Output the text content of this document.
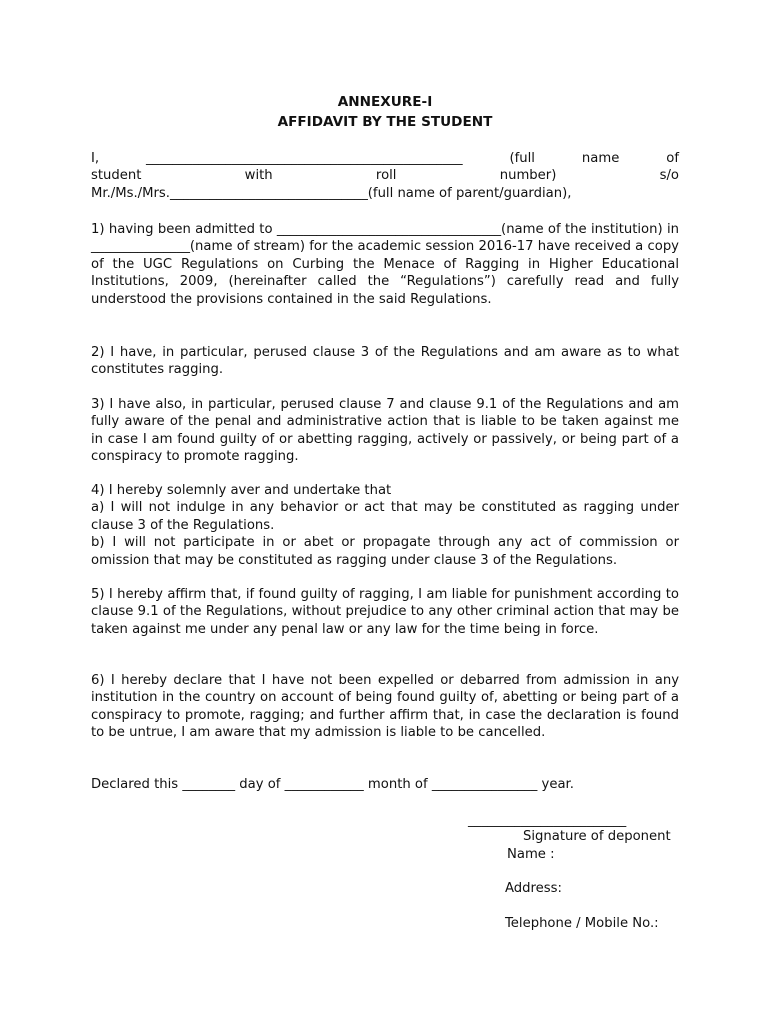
ANNEXURE-I
AFFIDAVIT BY THE STUDENT
I, ________________________________________________ (full name of
student with roll number) s/o
Mr./Ms./Mrs.______________________________(full name of parent/guardian),
1) having been admitted to __________________________________(name of the institution) in _______________(name of stream) for the academic session 2016-17 have received a copy of the UGC Regulations on Curbing the Menace of Ragging in Higher Educational Institutions, 2009, (hereinafter called the “Regulations”) carefully read and fully understood the provisions contained in the said Regulations.
2) I have, in particular, perused clause 3 of the Regulations and am aware as to what constitutes ragging.
3) I have also, in particular, perused clause 7 and clause 9.1 of the Regulations and am fully aware of the penal and administrative action that is liable to be taken against me in case I am found guilty of or abetting ragging, actively or passively, or being part of a conspiracy to promote ragging.
4) I hereby solemnly aver and undertake that
a) I will not indulge in any behavior or act that may be constituted as ragging under clause 3 of the Regulations.
b) I will not participate in or abet or propagate through any act of commission or omission that may be constituted as ragging under clause 3 of the Regulations.
5) I hereby affirm that, if found guilty of ragging, I am liable for punishment according to clause 9.1 of the Regulations, without prejudice to any other criminal action that may be taken against me under any penal law or any law for the time being in force.
6) I hereby declare that I have not been expelled or debarred from admission in any institution in the country on account of being found guilty of, abetting or being part of a conspiracy to promote, ragging; and further affirm that, in case the declaration is found to be untrue, I am aware that my admission is liable to be cancelled.
Declared this ________ day of ____________ month of ________________ year.
________________________
Signature of deponent
Name :
Address:
Telephone / Mobile No.:
